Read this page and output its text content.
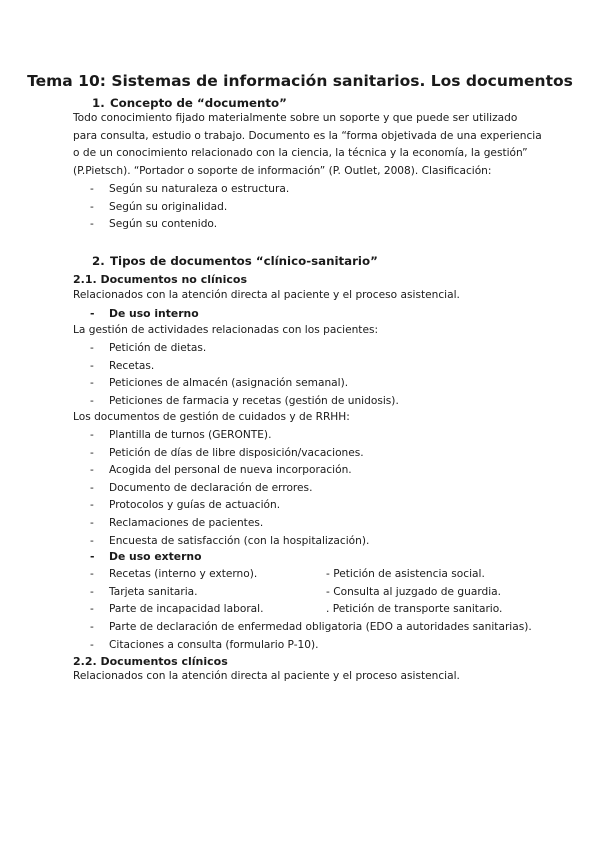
Tema 10: Sistemas de información sanitarios. Los documentos
1. Concepto de “documento”
Todo conocimiento fijado materialmente sobre un soporte y que puede ser utilizado
para consulta, estudio o trabajo. Documento es la “forma objetivada de una experiencia
o de un conocimiento relacionado con la ciencia, la técnica y la economía, la gestión”
(P.Pietsch). “Portador o soporte de información” (P. Outlet, 2008). Clasificación:
- Según su naturaleza o estructura.
- Según su originalidad.
- Según su contenido.
2. Tipos de documentos “clínico-sanitario”
2.1. Documentos no clínicos
Relacionados con la atención directa al paciente y el proceso asistencial.
- De uso interno
La gestión de actividades relacionadas con los pacientes:
- Petición de dietas.
- Recetas.
- Peticiones de almacén (asignación semanal).
- Peticiones de farmacia y recetas (gestión de unidosis).
Los documentos de gestión de cuidados y de RRHH:
- Plantilla de turnos (GERONTE).
- Petición de días de libre disposición/vacaciones.
- Acogida del personal de nueva incorporación.
- Documento de declaración de errores.
- Protocolos y guías de actuación.
- Reclamaciones de pacientes.
- Encuesta de satisfacción (con la hospitalización).
- De uso externo
- Recetas (interno y externo).	- Petición de asistencia social.
- Tarjeta sanitaria.	- Consulta al juzgado de guardia.
- Parte de incapacidad laboral.	. Petición de transporte sanitario.
- Parte de declaración de enfermedad obligatoria (EDO a autoridades sanitarias).
- Citaciones a consulta (formulario P-10).
2.2. Documentos clínicos
Relacionados con la atención directa al paciente y el proceso asistencial.
